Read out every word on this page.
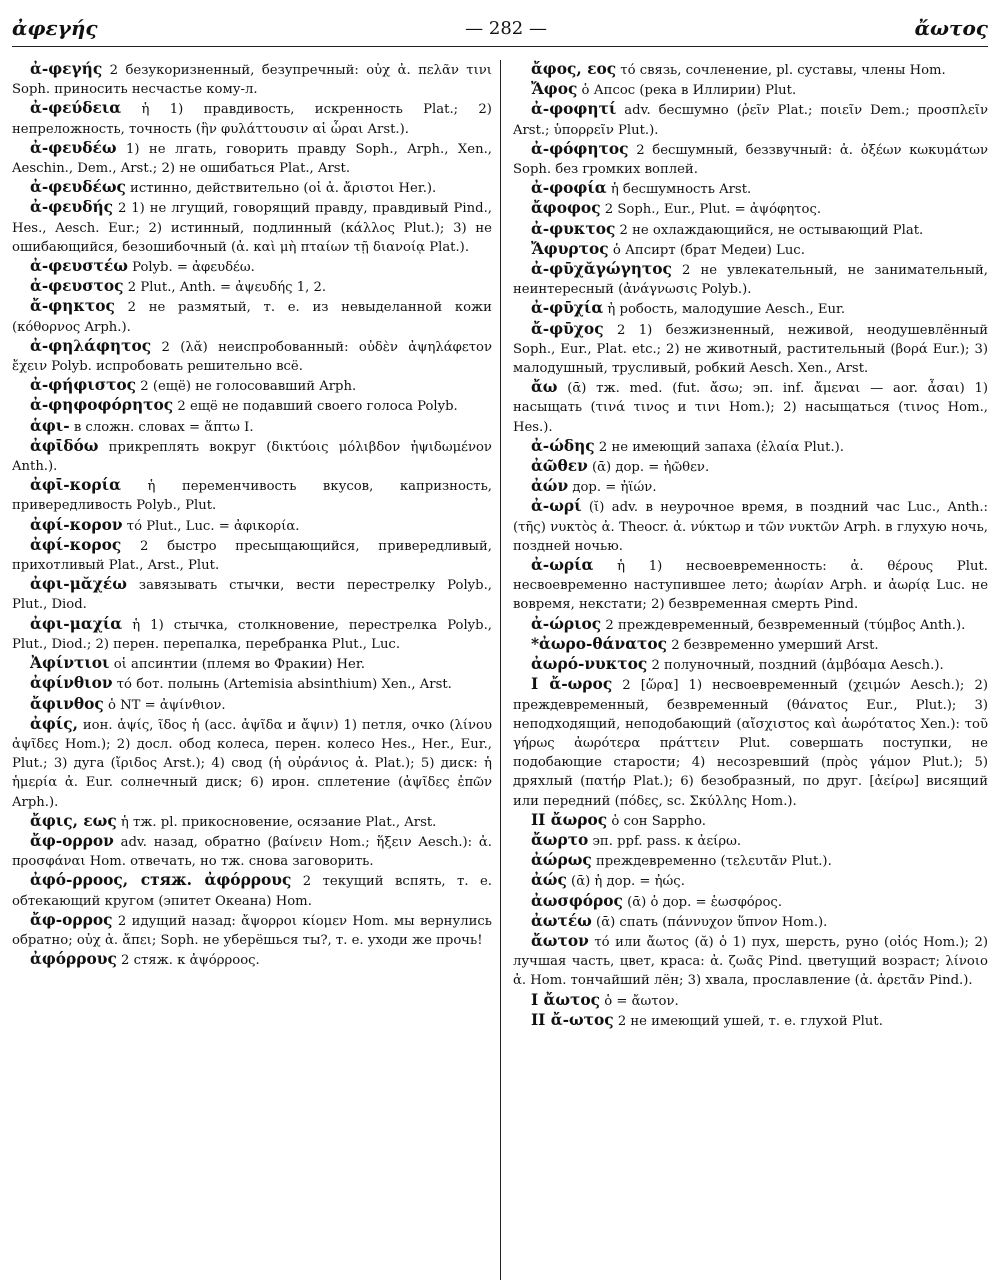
ἀφεγής	— 282 —	ἄωτος

ἀ-φεγής 2 безукоризненный, безупречный: οὐχ ἀ. πελᾶν τινι Soph. приносить несчастье кому-л.

ἀ-φεύδεια ἡ 1) правдивость, искренность Plat.; 2) непреложность, точность (ἣν φυλάττουσιν αἱ ὧραι Arst.).

ἀ-φευδέω 1) не лгать, говорить правду Soph., Arph., Xen., Aeschin., Dem., Arst.; 2) не ошибаться Plat., Arst.

ἀ-φευδέως истинно, действительно (οἱ ἀ. ἄριστοι Her.).

ἀ-φευδής 2 1) не лгущий, говорящий правду, правдивый Pind., Hes., Aesch. Eur.; 2) истинный, подлинный (κάλλος Plut.); 3) не ошибающийся, безошибочный (ἀ. καὶ μὴ πταίων τῇ διανοίᾳ Plat.).

ἀ-φευστέω Polyb. = ἀφευδέω.

ἀ-φευστος 2 Plut., Anth. = ἀψευδής 1, 2.

ἄ-φηκτος 2 не размятый, т. е. из невыделанной кожи (κόθορνος Arph.).

ἀ-φηλάφητος 2 (λᾰ) неиспробованный: οὐδὲν ἀψηλάφετον ἔχειν Polyb. испробовать решительно всё.

ἀ-φήφιστος 2 (ещё) не голосовавший Arph.

ἀ-φηφοφόρητος 2 ещё не подавший своего голоса Polyb.

ἁφι- в сложн. словах = ἅπτω I.

ἀφῑδόω прикреплять вокруг (δικτύοις μόλιβδον ἠψιδωμένον Anth.).

ἀφῑ-κορία ἡ переменчивость вкусов, капризность, привередливость Polyb., Plut.

ἀφί-κορον τό Plut., Luc. = ἀφικορία.

ἀφί-κορος 2 быстро пресыщающийся, привередливый, прихотливый Plat., Arst., Plut.

ἀφι-μᾰχέω завязывать стычки, вести перестрелку Polyb., Plut., Diod.

ἀφι-μαχία ἡ 1) стычка, столкновение, перестрелка Polyb., Plut., Diod.; 2) перен. перепалка, перебранка Plut., Luc.

Ἀφίντιοι οἱ апсинтии (племя во Фракии) Her.

ἀφίνθιον τό бот. полынь (Artemisia absinthium) Xen., Arst.

ἄφινθος ὁ NT = ἀψίνθιον.

ἀφίς, ион. ἁψίς, ῖδος ἡ (acc. ἀψῖδα и ἄψιν) 1) петля, очко (λίνου ἀψῖδες Hom.); 2) досл. обод колеса, перен. колесо Hes., Her., Eur., Plut.; 3) дуга (ἴριδος Arst.); 4) свод (ἡ οὐράνιος ἀ. Plat.); 5) диск: ἡ ἡμερία ἀ. Eur. солнечный диск; 6) ирон. сплетение (ἀψῖδες ἐπῶν Arph.).

ἄφις, εως ἡ тж. pl. прикосновение, осязание Plat., Arst.

ἄφ-ορρον adv. назад, обратно (βαίνειν Hom.; ἥξειν Aesch.): ἀ. προσφάναι Hom. отвечать, но тж. снова заговорить.

ἀφό-ρροος, стяж. ἀφόρρους 2 текущий вспять, т. е. обтекающий кругом (эпитет Океана) Hom.

ἄφ-ορρος 2 идущий назад: ἄψορροι κίομεν Hom. мы вернулись обратно; οὐχ ἀ. ἄπει; Soph. не уберёшься ты?, т. е. уходи же прочь!

ἀφόρρους 2 стяж. к ἀψόρροος.

ἄφος, εος τό связь, сочленение, pl. суставы, члены Hom.

Ἄφος ὁ Апсос (река в Иллирии) Plut.

ἀ-φοφητί adv. бесшумно (ῥεῖν Plat.; ποιεῖν Dem.; προσπλεῖν Arst.; ὑπορρεῖν Plut.).

ἀ-φόφητος 2 бесшумный, беззвучный: ἀ. ὀξέων κωκυμάτων Soph. без громких воплей.

ἀ-φοφία ἡ бесшумность Arst.

ἄφοφος 2 Soph., Eur., Plut. = ἀψόφητος.

ἀ-φυκτος 2 не охлаждающийся, не остывающий Plat.

Ἄφυρτος ὁ Апсирт (брат Медеи) Luc.

ἀ-φῡχᾰγώγητος 2 не увлекательный, не занимательный, неинтересный (ἀνάγνωσις Polyb.).

ἀ-φῡχία ἡ робость, малодушие Aesch., Eur.

ἄ-φῡχος 2 1) безжизненный, неживой, неодушевлённый Soph., Eur., Plat. etc.; 2) не животный, растительный (βορά Eur.); 3) малодушный, трусливый, робкий Aesch. Xen., Arst.

ἄω (ᾱ) тж. med. (fut. ἄσω; эп. inf. ἄμεναι — aor. ἆσαι) 1) насыщать (τινά τινος и τινι Hom.); 2) насыщаться (τινος Hom., Hes.).

ἀ-ώδης 2 не имеющий запаха (ἐλαία Plut.).

ἀῶθεν (ᾱ) дор. = ἠῶθεν.

ἀών дор. = ἠϊών.

ἀ-ωρί (ῐ) adv. в неурочное время, в поздний час Luc., Anth.: (τῆς) νυκτὸς ἀ. Theocr. ἀ. νύκτωρ и τῶν νυκτῶν Arph. в глухую ночь, поздней ночью.

ἀ-ωρία ἡ 1) несвоевременность: ἀ. θέρους Plut. несвоевременно наступившее лето; ἀωρίαν Arph. и ἀωρίᾳ Luc. не вовремя, некстати; 2) безвременная смерть Pind.

ἀ-ώριος 2 преждевременный, безвременный (τύμβος Anth.).

*ἀωρο-θάνατος 2 безвременно умерший Arst.

ἀωρό-νυκτος 2 полуночный, поздний (ἀμβόαμα Aesch.).

I ἄ-ωρος 2 [ὥρα] 1) несвоевременный (χειμών Aesch.); 2) преждевременный, безвременный (θάνατος Eur., Plut.); 3) неподходящий, неподобающий (αἴσχιστος καὶ ἀωρότατος Xen.): τοῦ γήρως ἀωρότερα πράττειν Plut. совершать поступки, не подобающие старости; 4) несозревший (πρὸς γάμον Plut.); 5) дряхлый (πατήρ Plat.); 6) безобразный, по друг. [ἀείρω] висящий или передний (πόδες, sc. Σκύλλης Hom.).

II ἄωρος ὁ сон Sappho.

ἄωρτο эп. ppf. pass. к ἀείρω.

ἀώρως преждевременно (τελευτᾶν Plut.).

ἀώς (ᾱ) ἡ дор. = ἠώς.

ἀωσφόρος (ᾱ) ὁ дор. = ἑωσφόρος.

ἀωτέω (ᾱ) спать (πάννυχον ὕπνον Hom.).

ἄωτον τό или ἄωτος (ᾰ) ὁ 1) пух, шерсть, руно (οἰός Hom.); 2) лучшая часть, цвет, краса: ἀ. ζωᾶς Pind. цветущий возраст; λίνοιο ἀ. Hom. тончайший лён; 3) хвала, прославление (ἀ. ἀρετᾶν Pind.).

I ἄωτος ὁ = ἄωτον.

II ἄ-ωτος 2 не имеющий ушей, т. е. глухой Plut.
